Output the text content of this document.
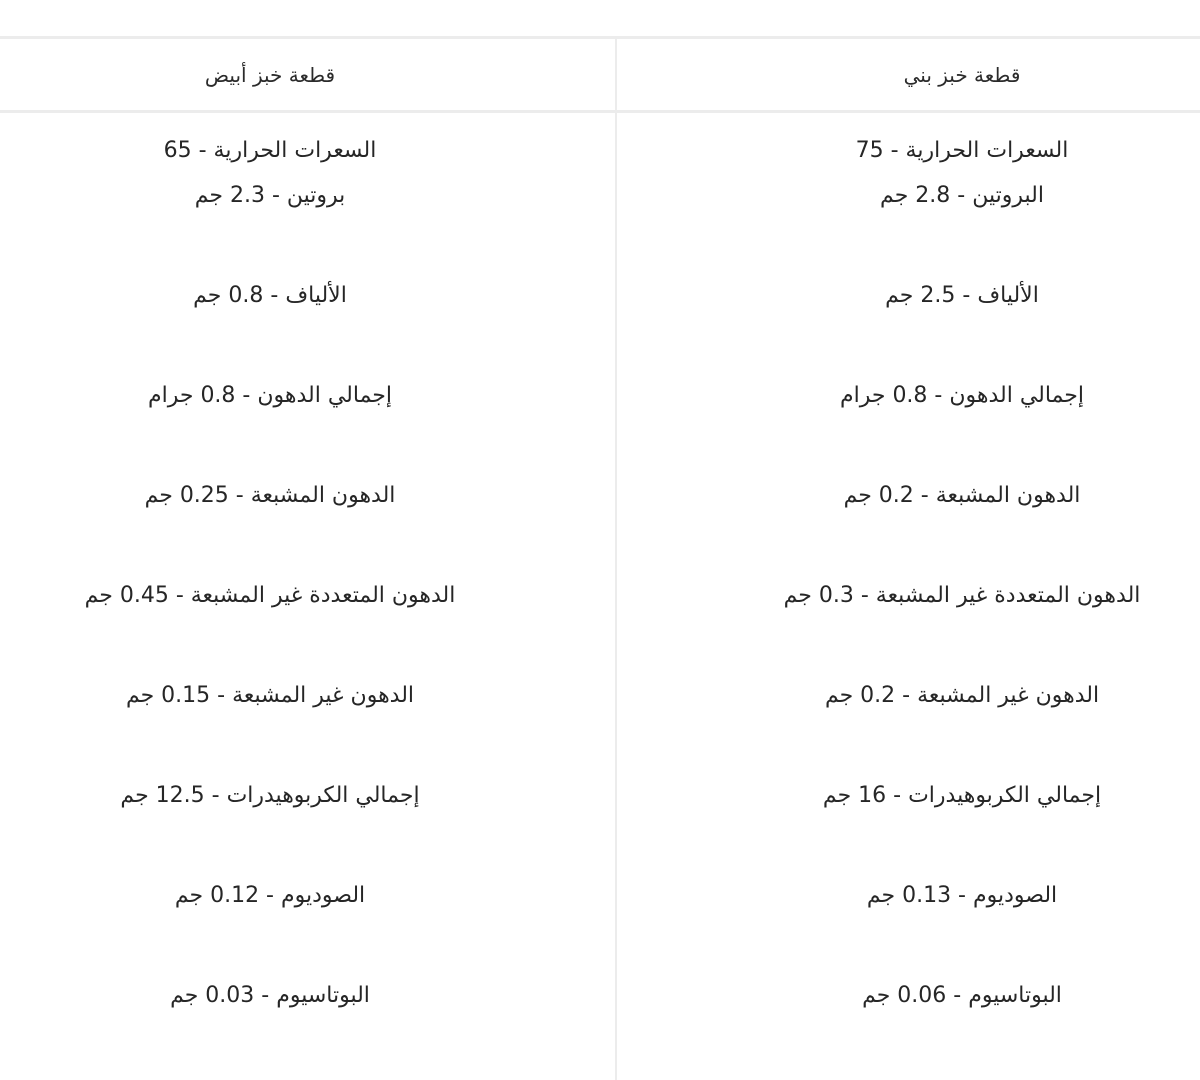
قطعة خبز بني
السعرات الحرارية - 75
البروتين - 2.8 جم
الألياف - 2.5 جم
إجمالي الدهون - 0.8 جرام
الدهون المشبعة - 0.2 جم
الدهون المتعددة غير المشبعة - 0.3 جم
الدهون غير المشبعة - 0.2 جم
إجمالي الكربوهيدرات - 16 جم
الصوديوم - 0.13 جم
البوتاسيوم - 0.06 جم
قطعة خبز أبيض
السعرات الحرارية - 65
بروتين - 2.3 جم
الألياف - 0.8 جم
إجمالي الدهون - 0.8 جرام
الدهون المشبعة - 0.25 جم
الدهون المتعددة غير المشبعة - 0.45 جم
الدهون غير المشبعة - 0.15 جم
إجمالي الكربوهيدرات - 12.5 جم
الصوديوم - 0.12 جم
البوتاسيوم - 0.03 جم
